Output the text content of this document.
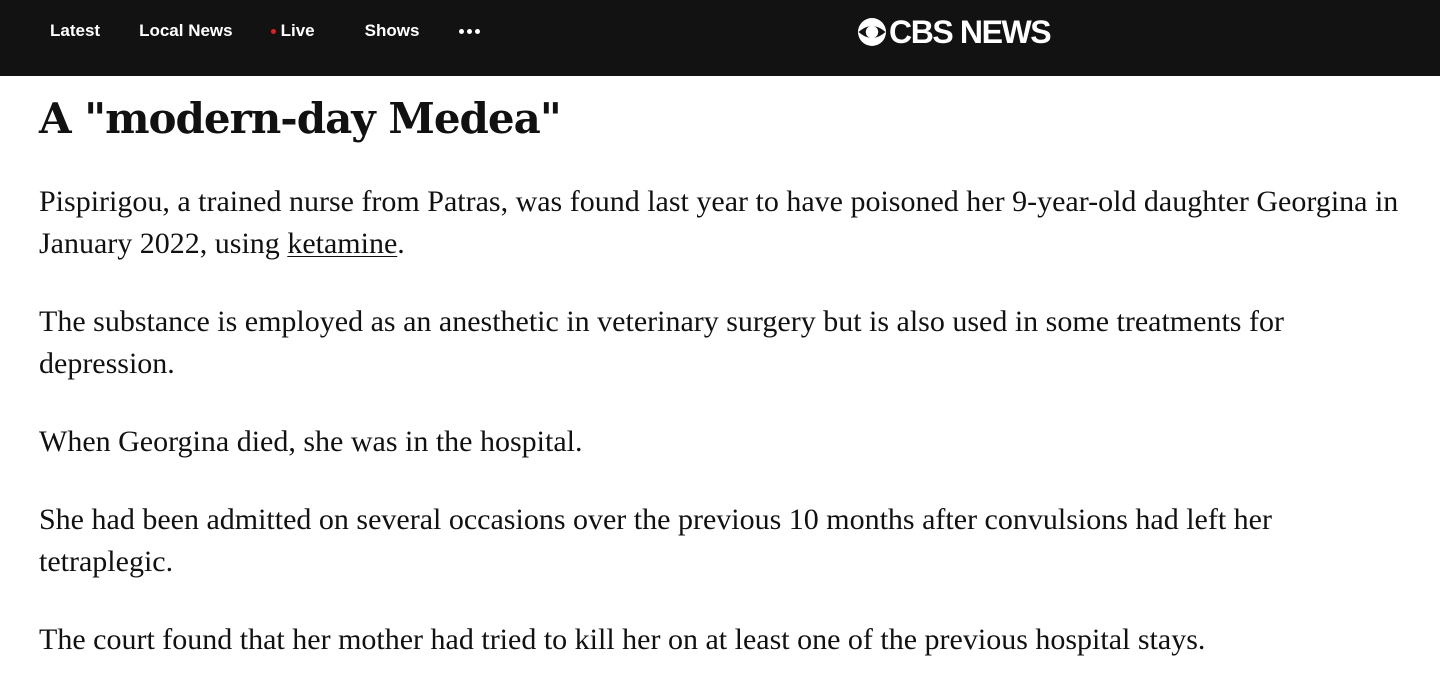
Latest Local News	Live	Shows	CBS NEWS
A "modern-day Medea"

Pispirigou, a trained nurse from Patras, was found last year to have poisoned her 9-year-old daughter Georgina in January 2022, using ketamine.

The substance is employed as an anesthetic in veterinary surgery but is also used in some treatments for depression.

When Georgina died, she was in the hospital.

She had been admitted on several occasions over the previous 10 months after convulsions had left her tetraplegic.

The court found that her mother had tried to kill her on at least one of the previous hospital stays.
